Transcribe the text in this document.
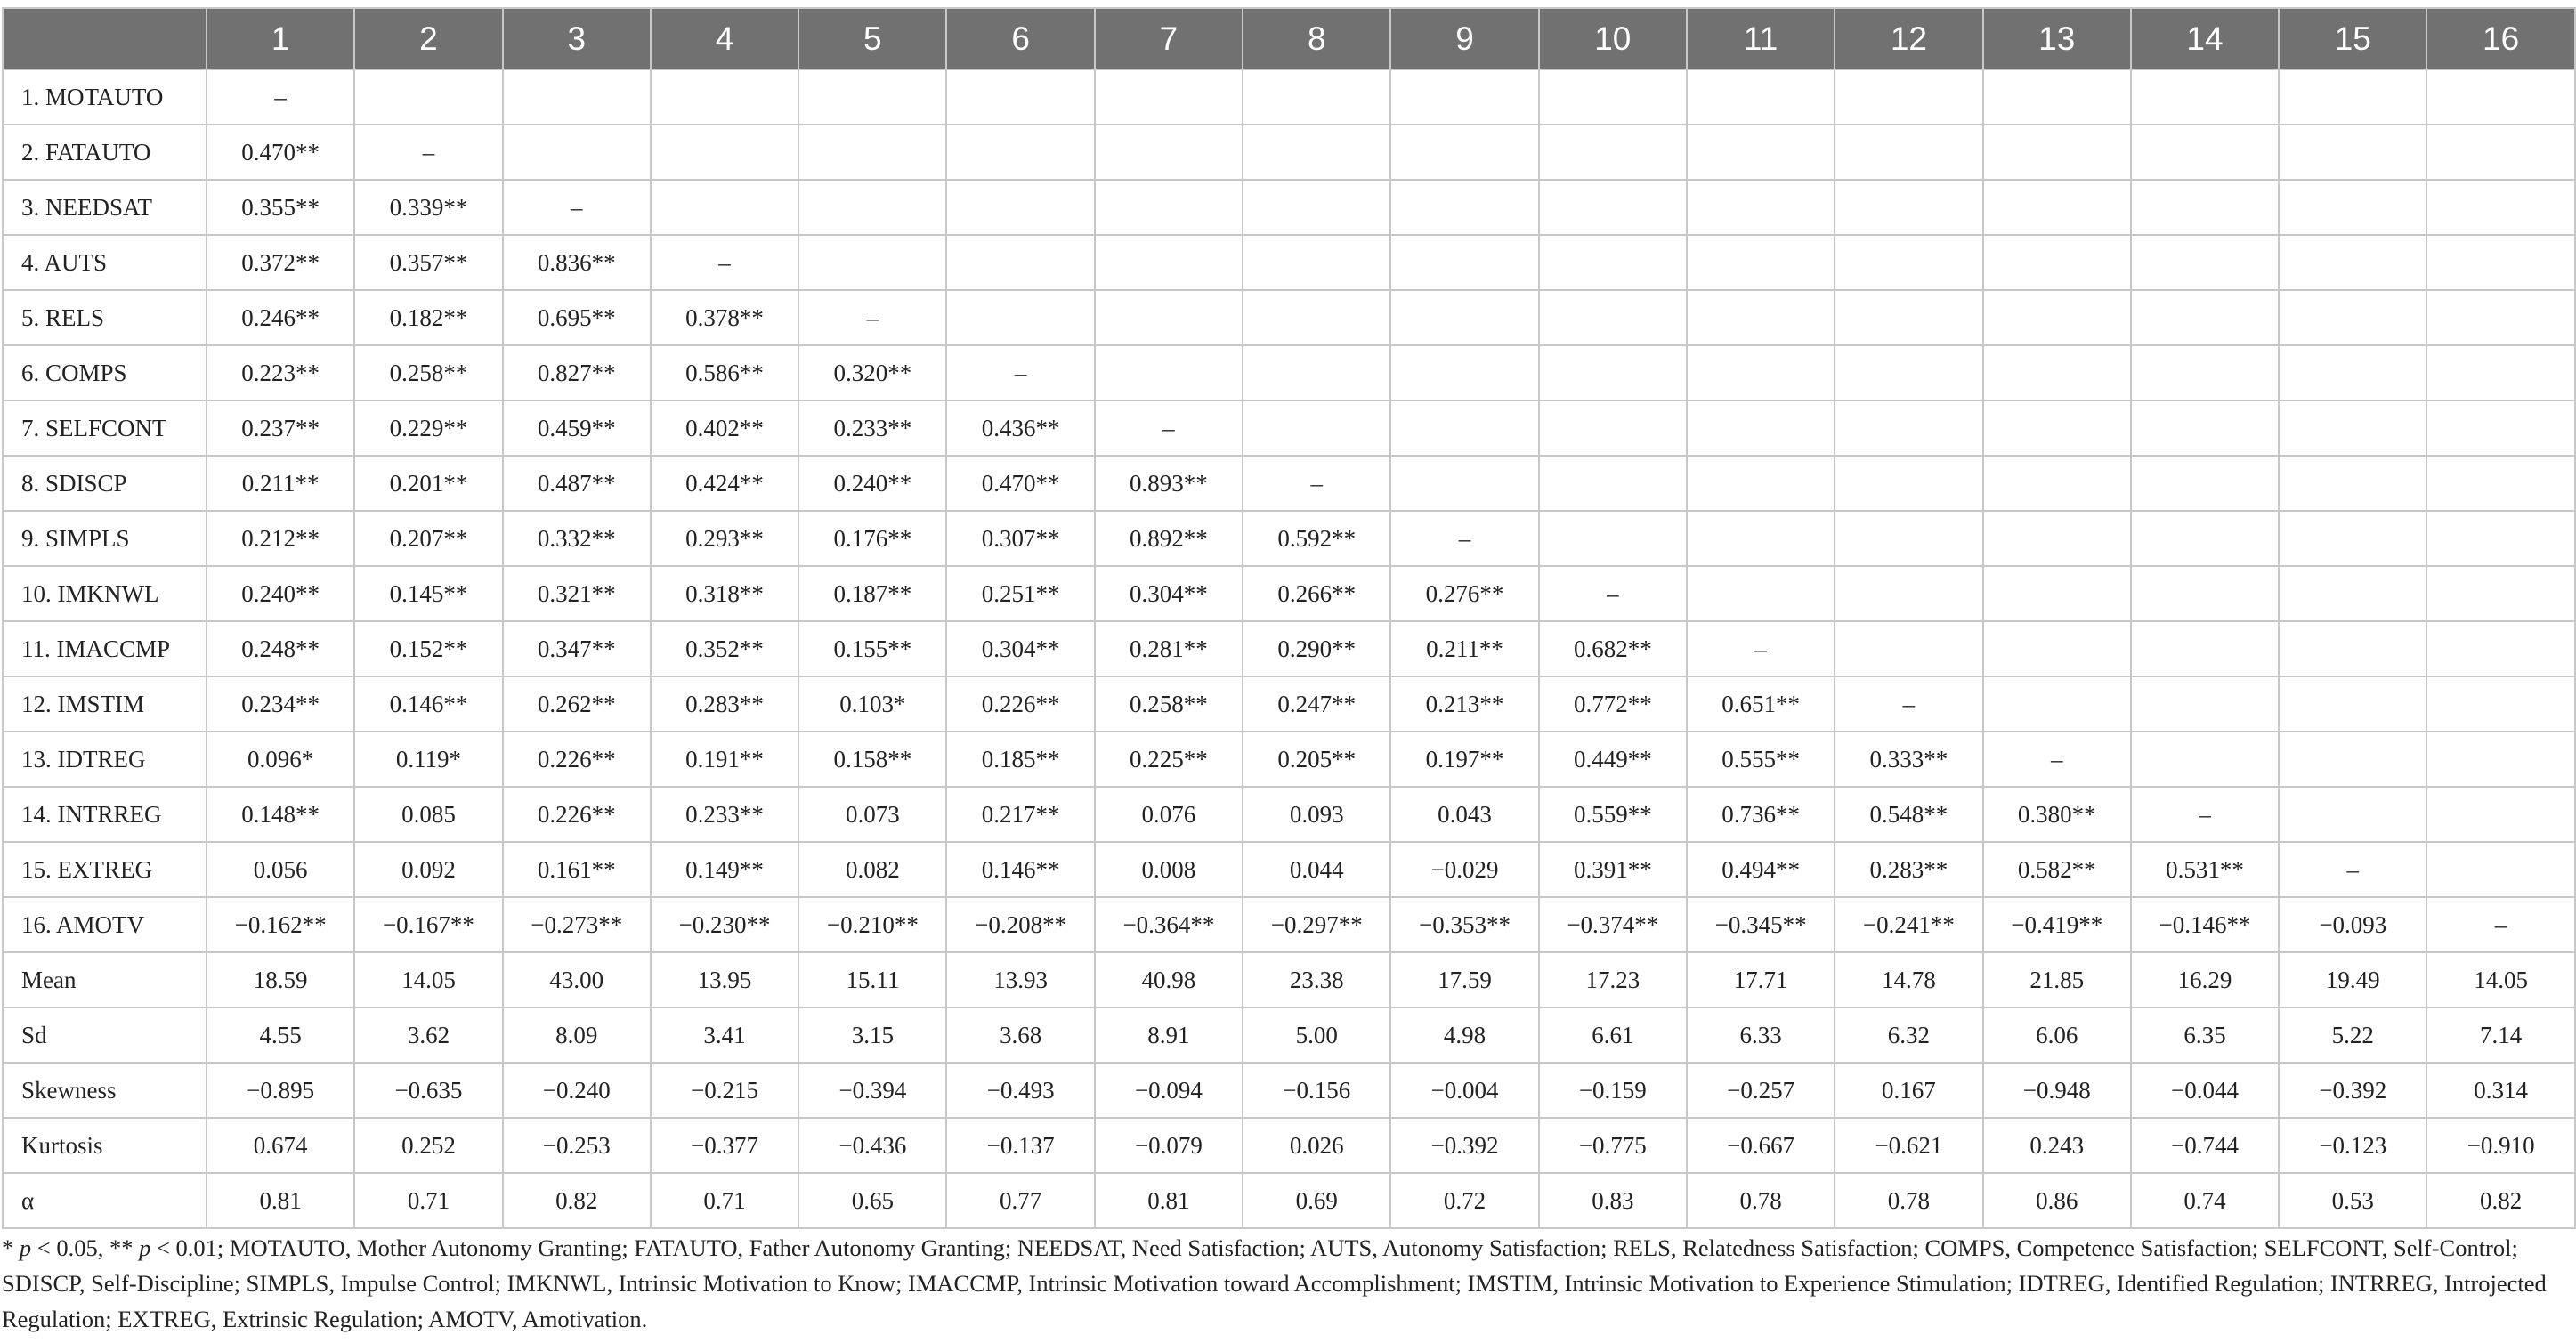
	1	2	3	4	5	6	7	8	9	10	11	12	13	14	15	16
1. MOTAUTO	–															
2. FATAUTO	0.470**	–														
3. NEEDSAT	0.355**	0.339**	–													
4. AUTS	0.372**	0.357**	0.836**	–												
5. RELS	0.246**	0.182**	0.695**	0.378**	–											
6. COMPS	0.223**	0.258**	0.827**	0.586**	0.320**	–										
7. SELFCONT	0.237**	0.229**	0.459**	0.402**	0.233**	0.436**	–									
8. SDISCP	0.211**	0.201**	0.487**	0.424**	0.240**	0.470**	0.893**	–								
9. SIMPLS	0.212**	0.207**	0.332**	0.293**	0.176**	0.307**	0.892**	0.592**	–							
10. IMKNWL	0.240**	0.145**	0.321**	0.318**	0.187**	0.251**	0.304**	0.266**	0.276**	–						
11. IMACCMP	0.248**	0.152**	0.347**	0.352**	0.155**	0.304**	0.281**	0.290**	0.211**	0.682**	–					
12. IMSTIM	0.234**	0.146**	0.262**	0.283**	0.103*	0.226**	0.258**	0.247**	0.213**	0.772**	0.651**	–				
13. IDTREG	0.096*	0.119*	0.226**	0.191**	0.158**	0.185**	0.225**	0.205**	0.197**	0.449**	0.555**	0.333**	–			
14. INTRREG	0.148**	0.085	0.226**	0.233**	0.073	0.217**	0.076	0.093	0.043	0.559**	0.736**	0.548**	0.380**	–		
15. EXTREG	0.056	0.092	0.161**	0.149**	0.082	0.146**	0.008	0.044	−0.029	0.391**	0.494**	0.283**	0.582**	0.531**	–	
16. AMOTV	−0.162**	−0.167**	−0.273**	−0.230**	−0.210**	−0.208**	−0.364**	−0.297**	−0.353**	−0.374**	−0.345**	−0.241**	−0.419**	−0.146**	−0.093	–
Mean	18.59	14.05	43.00	13.95	15.11	13.93	40.98	23.38	17.59	17.23	17.71	14.78	21.85	16.29	19.49	14.05
Sd	4.55	3.62	8.09	3.41	3.15	3.68	8.91	5.00	4.98	6.61	6.33	6.32	6.06	6.35	5.22	7.14
Skewness	−0.895	−0.635	−0.240	−0.215	−0.394	−0.493	−0.094	−0.156	−0.004	−0.159	−0.257	0.167	−0.948	−0.044	−0.392	0.314
Kurtosis	0.674	0.252	−0.253	−0.377	−0.436	−0.137	−0.079	0.026	−0.392	−0.775	−0.667	−0.621	0.243	−0.744	−0.123	−0.910
α	0.81	0.71	0.82	0.71	0.65	0.77	0.81	0.69	0.72	0.83	0.78	0.78	0.86	0.74	0.53	0.82
* p < 0.05, ** p < 0.01; MOTAUTO, Mother Autonomy Granting; FATAUTO, Father Autonomy Granting; NEEDSAT, Need Satisfaction; AUTS, Autonomy Satisfaction; RELS, Relatedness Satisfaction; COMPS, Competence Satisfaction; SELFCONT, Self-Control;
SDISCP, Self-Discipline; SIMPLS, Impulse Control; IMKNWL, Intrinsic Motivation to Know; IMACCMP, Intrinsic Motivation toward Accomplishment; IMSTIM, Intrinsic Motivation to Experience Stimulation; IDTREG, Identified Regulation; INTRREG, Introjected
Regulation; EXTREG, Extrinsic Regulation; AMOTV, Amotivation.
